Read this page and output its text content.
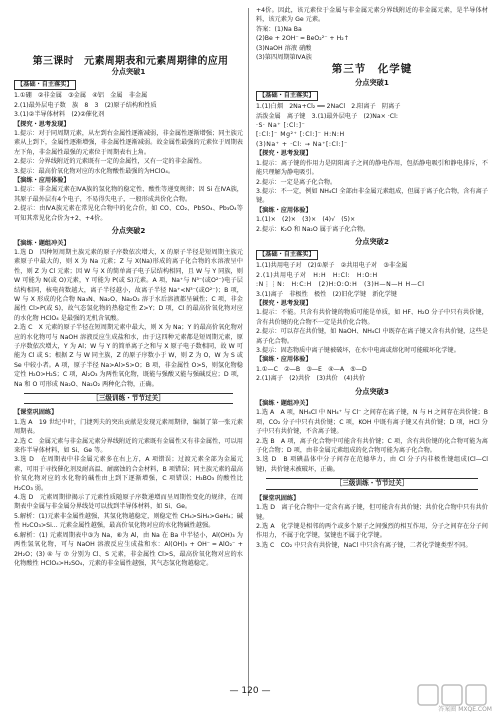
第三课时　元素周期表和元素周期律的应用
分点突破1
【基础・自主落实】

1.①硼　②非金属　③金属　④铝　金属　非金属

2.(1)最外层电子数　族　8　3　(2)原子结构和性质

3.(1)②半导体材料　(2)②催化剂

【探究・思考发现】

1.提示：对于同周期元素，从左到右金属性逐渐减弱，非金属性逐渐增强；同主族元素从上到下，金属性逐渐增强，非金属性逐渐减弱。故金属性最强的元素位于周期表左下角，非金属性最强的元素位于周期表右上角。

2.提示：分界线附近的元素既有一定的金属性，又有一定的非金属性。

3.提示：最高价氧化物对应的水化物酸性最强的为HClO₄。

【演练・应用体验】

1.提示：非金属元素在ⅣA族的氢化物的稳定性、酸性等递变规律；因 Si 在ⅣA族，其原子最外层有4个电子，不易得失电子，一般形成共价化合物。

2.提示：由ⅣA族元素在常见化合物中的化合价，如 CO、CO₂、PbSO₄、Pb₃O₄等可知其常见化合价为+2、+4价。

分点突破2
【演练・题组冲关】

1.选 D　四种短周期主族元素的原子序数依次增大，X 的原子半径是短周期主族元素原子中最大的，则 X 为 Na 元素；Z 与 X(Na)形成的离子化合物的水溶液呈中性，则 Z 为 Cl 元素；因 W 与 X 的简单离子电子层结构相同，且 W 与 Y 同族，则 W 可能为 N(或 O)元素，Y 可能为 P(或 S)元素。A 项，Na⁺与 N³⁻(或O²⁻)电子层结构相同，核电荷数越大，离子半径越小，故离子半径 Na⁺<N³⁻(或O²⁻)；B 项，W 与 X 形成的化合物 Na₃N、Na₂O、Na₂O₂ 溶于水后溶液都呈碱性；C 项，非金属性 Cl>P(或 S)，故气态氢化物的热稳定性 Z>Y；D 项，Cl 的最高价氧化物对应的水化物 HClO₄ 是最强的无机含氧酸。

2.选 C　X 元素的原子半径在短周期元素中最大，则 X 为 Na；Y 的最高价氧化物对应的水化物可与 NaOH 溶液反应生成盐和水，由于这四种元素都是短周期元素，原子序数依次增大，Y 为 Al；W 与 Y 的简单离子之和与 X 原子电子数相同，故 W 可能为 Cl 或 S；根据 Z 与 W 同主族，Z 的原子序数小于 W，则 Z 为 O，W 为 S 或 Se 中较小者。A 项，原子半径 Na>Al>S>O；B 项，非金属性 O>S，则氢化物稳定性 H₂O>H₂S；C 项，Al₂O₃ 为两性氧化物，既能与强酸又能与强碱反应；D 项，Na 和 O 可形成 Na₂O、Na₂O₂ 两种化合物，正确。

［三级训练・节节过关］
【课堂巩固练】

1.选 A　19 世纪中叶，门捷列夫的突出贡献是发现元素周期律，编制了第一张元素周期表。

2.选 C　金属元素与非金属元素分界线附近的元素既有金属性又有非金属性，可以用来作半导体材料，如 Si、Ge 等。

3.选 D　在周期表中非金属元素多在右上方，A 项错误；过渡元素全部为金属元素，可用于寻找催化剂及耐高温、耐腐蚀的合金材料，B 项错误；同主族元素的最高价氧化物对应的水化物的碱性由上到下逐渐增强，C 项错误；H₃BO₃ 的酸性比 H₂CO₃ 弱。

4.选 D　元素周期律揭示了元素性质随原子序数递增而呈周期性变化的规律，在周期表中金属与非金属分界线处可以找到半导体材料，如 Si、Ge。

5.解析：(1)元素非金属性越强，其氢化物越稳定，则稳定性 CH₄>SiH₄>GeH₄；碱性 H₂CO₃>Si... 元素金属性越强，最高价氧化物对应的水化物碱性越强。

6.解析：(1) 元素周期表中③为 Na，⑥为 Al，由 Na 在 Ba 中半径小，Al(OH)₃ 为两性氢氧化物，可与 NaOH 溶液反应生成盐和水：Al(OH)₃ + OH⁻ ═ AlO₂⁻ + 2H₂O；(3) ④ 与 ⑦ 分别为 Cl、S 元素，非金属性 Cl>S，最高价氧化物对应的水化物酸性 HClO₄>H₂SO₄，元素的非金属性越强，其气态氢化物越稳定。

+4价。因此，该元素位于金属与非金属元素分界线附近的非金属元素，是半导体材料，该元素为 Ge 元素。

答案：(1)Na Ba

(2)Be + 2OH⁻ ═ BeO₂²⁻ + H₂↑

(3)NaOH 溶液 硝酸

(3)第四周期第ⅣA族

第三节　化学键
分点突破1
【基础・自主落实】

1.(1)白烟　2Na+Cl₂ ══ 2NaCl　2.阳离子　阴离子

活泼金属　离子键　3.(1)最外层电子　(2)Na× ·Cl:

·S· Na⁺ [:Cl:]⁻

[:Cl:]⁻ Mg²⁺ [:Cl:]⁻ H:N:H

(3)Na⁺ + ·Cl: → Na⁺[:Cl:]⁻

【探究・思考发现】

1.提示：离子键的作用力是阴阳离子之间的静电作用，包括静电吸引和静电排斥，不能只理解为静电吸引。

2.提示：一定是离子化合物。

3.提示：不一定，例如 NH₄Cl 全部由非金属元素组成，但属于离子化合物，含有离子键。

【演练・应用体验】

1.(1)×　(2)×　(3)×　(4)√　(5)×

2.提示：K₂O 和 Na₂O 属于离子化合物。

分点突破2
【基础・自主落实】

1.(1)共用电子对　(2)①原子　②共用电子对　③非金属

2.(1)共用电子对　H:H　H:Cl:　H:O:H

:N⋮⋮N:　H:C:H　(2)H:O:O:H　(3)H—N—H H—Cl

3.(1)离子　非极性　极性　(2)旧化学键　新化学键

【探究・思考发现】

1.提示：不能。只含有共价键的物质可能是单质，如 HF、H₂O 分子中只有共价键，含有共价键的化合物不一定是共价化合物。

2.提示：可以存在共价键，如 NaOH、NH₄Cl 中既存在离子键又含有共价键，这些是离子化合物。

3.提示：固态物质中离子键被破坏，在水中电离或熔化时可能破坏化学键。

【演练・应用体验】

1.①—C　②—B　③—E　④—A　⑤—D

2.(1)离子　(2)共价　(3)共价　(4)共价

分点突破3
【演练・题组冲关】

1.选 A　A 项，NH₄Cl 中 NH₄⁺ 与 Cl⁻ 之间存在离子键，N 与 H 之间存在共价键；B 项，CO₂ 分子中只有共价键；C 项，KOH 中既有离子键又有共价键；D 项，HCl 分子中只有共价键，不含离子键。

2.选 B　A 项，离子化合物中可能含有共价键；C 项，含有共价键的化合物可能为离子化合物；D 项，由非金属元素组成的化合物可能为离子化合物。

3.选 D　B 项碘晶体中分子间存在范德华力，由 Cl 分子内非极性键组成(Cl—Cl 键)，共价键未被破坏，正确。

［三级训练・节节过关］
【课堂巩固练】

1.选 D　离子化合物中一定含有离子键，但可能含有共价键；共价化合物中只有共价键。

2.选 A　化学键是相邻的两个或多个原子之间强烈的相互作用，分子之间存在分子间作用力，不属于化学键，氢键也不属于化学键。

3.选 C　CO₂ 中只含有共价键，NaCl 中只含有离子键，二者化学键类型不同。

— 120 —
答案圈 MXQE.COM
